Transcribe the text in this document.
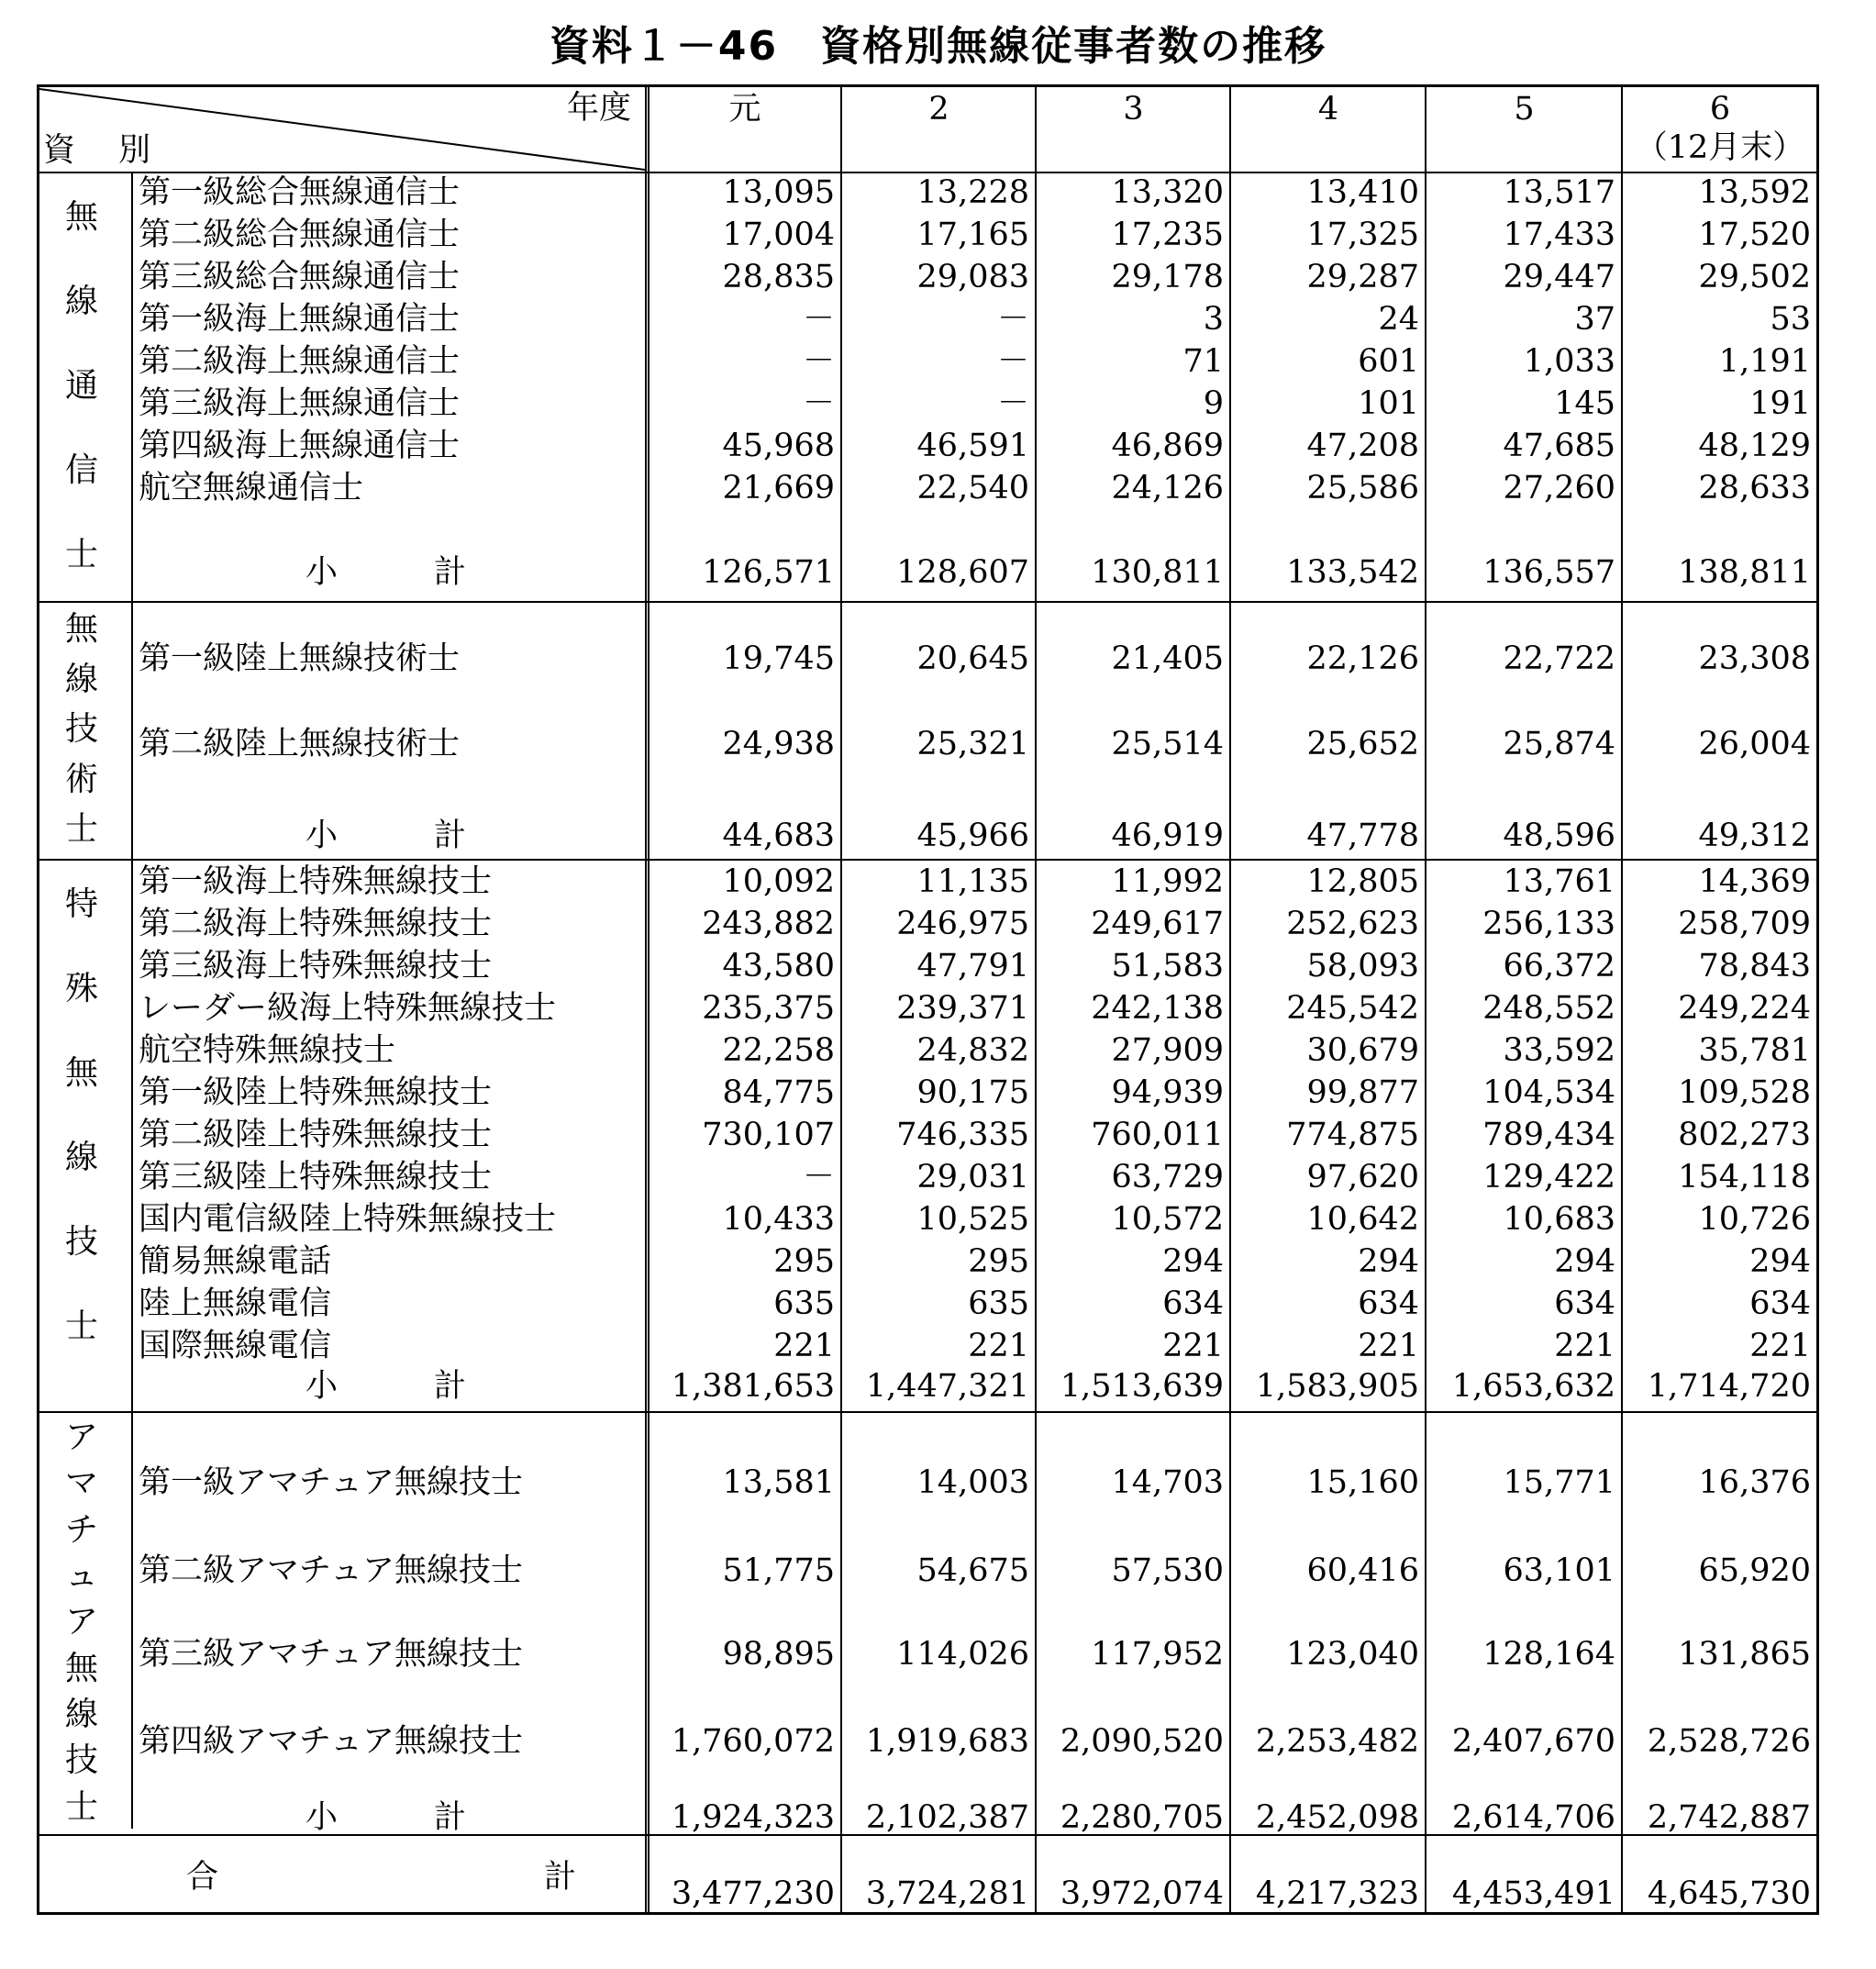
資料１－46　資格別無線従事者数の推移
年度
資　別
元	2	3	4	5	6
（12月末）
無
線
通
信
士
第一級総合無線通信士	13,095	13,228	13,320	13,410	13,517	13,592
第二級総合無線通信士	17,004	17,165	17,235	17,325	17,433	17,520
第三級総合無線通信士	28,835	29,083	29,178	29,287	29,447	29,502
第一級海上無線通信士	－	－	3	24	37	53
第二級海上無線通信士	－	－	71	601	1,033	1,191
第三級海上無線通信士	－	－	9	101	145	191
第四級海上無線通信士	45,968	46,591	46,869	47,208	47,685	48,129
航空無線通信士	21,669	22,540	24,126	25,586	27,260	28,633
小　　　計	126,571	128,607	130,811	133,542	136,557	138,811
無
線
技
術
士
第一級陸上無線技術士	19,745	20,645	21,405	22,126	22,722	23,308
第二級陸上無線技術士	24,938	25,321	25,514	25,652	25,874	26,004
小　　　計	44,683	45,966	46,919	47,778	48,596	49,312
特
殊
無
線
技
士
第一級海上特殊無線技士	10,092	11,135	11,992	12,805	13,761	14,369
第二級海上特殊無線技士	243,882	246,975	249,617	252,623	256,133	258,709
第三級海上特殊無線技士	43,580	47,791	51,583	58,093	66,372	78,843
レーダー級海上特殊無線技士	235,375	239,371	242,138	245,542	248,552	249,224
航空特殊無線技士	22,258	24,832	27,909	30,679	33,592	35,781
第一級陸上特殊無線技士	84,775	90,175	94,939	99,877	104,534	109,528
第二級陸上特殊無線技士	730,107	746,335	760,011	774,875	789,434	802,273
第三級陸上特殊無線技士	－	29,031	63,729	97,620	129,422	154,118
国内電信級陸上特殊無線技士	10,433	10,525	10,572	10,642	10,683	10,726
簡易無線電話	295	295	294	294	294	294
陸上無線電信	635	635	634	634	634	634
国際無線電信	221	221	221	221	221	221
小　　　計	1,381,653 1,447,321 1,513,639 1,583,905	1,653,632 1,714,720
ア
マ
チ
ュ
ア
無
線
技
士
第一級アマチュア無線技士	13,581	14,003	14,703	15,160	15,771	16,376
第二級アマチュア無線技士	51,775	54,675	57,530	60,416	63,101	65,920
第三級アマチュア無線技士	98,895	114,026	117,952	123,040	128,164	131,865
第四級アマチュア無線技士	1,760,072 1,919,683 2,090,520 2,253,482	2,407,670 2,528,726
小　　　計	1,924,323 2,102,387 2,280,705 2,452,098	2,614,706 2,742,887
合	計	3,477,230 3,724,281 3,972,074 4,217,323	4,453,491 4,645,730
